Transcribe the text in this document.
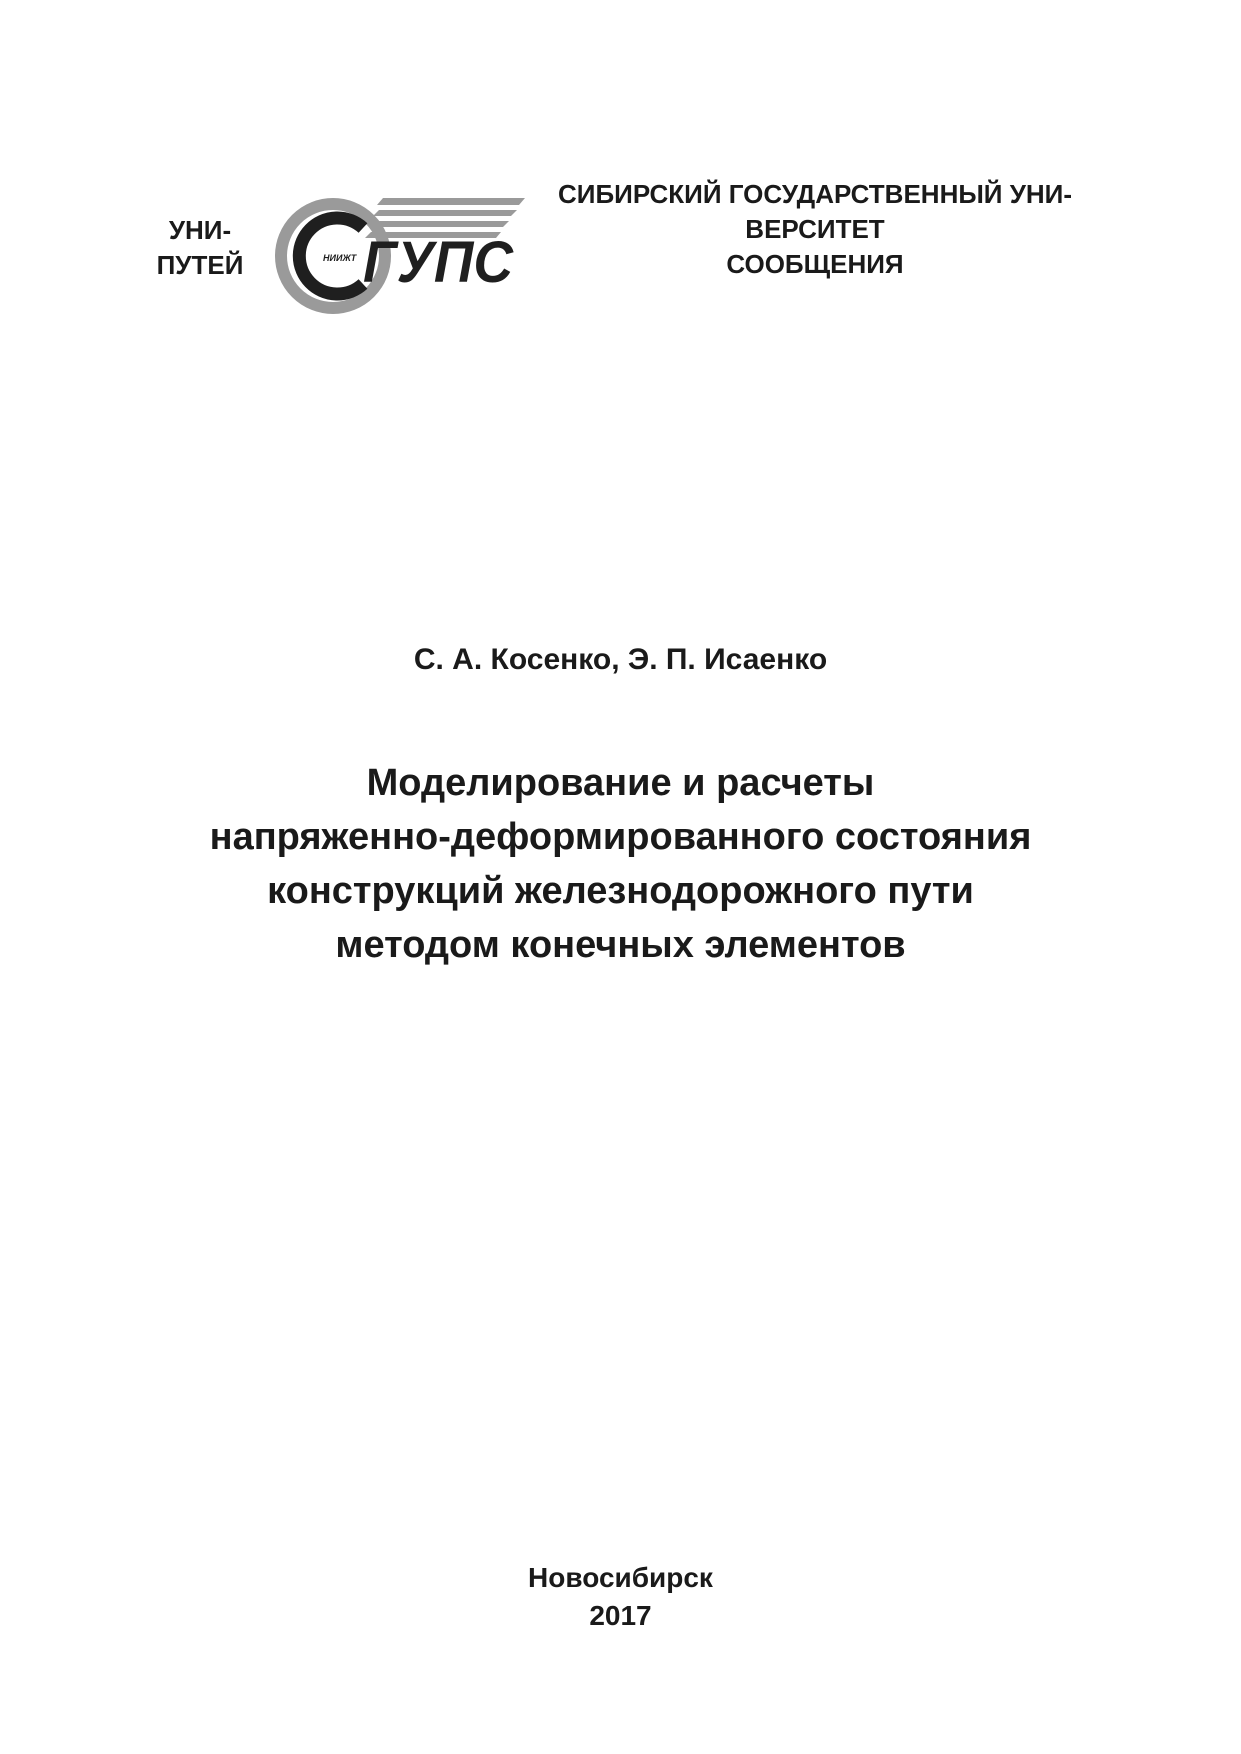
УНИ-
ПУТЕЙ	НИИЖТ ГУПС
СИБИРСКИЙ ГОСУДАРСТВЕННЫЙ УНИ-
ВЕРСИТЕТ
СООБЩЕНИЯ
С. А. Косенко, Э. П. Исаенко
Моделирование и расчеты
напряженно-деформированного состояния
конструкций железнодорожного пути
методом конечных элементов
Новосибирск
2017
